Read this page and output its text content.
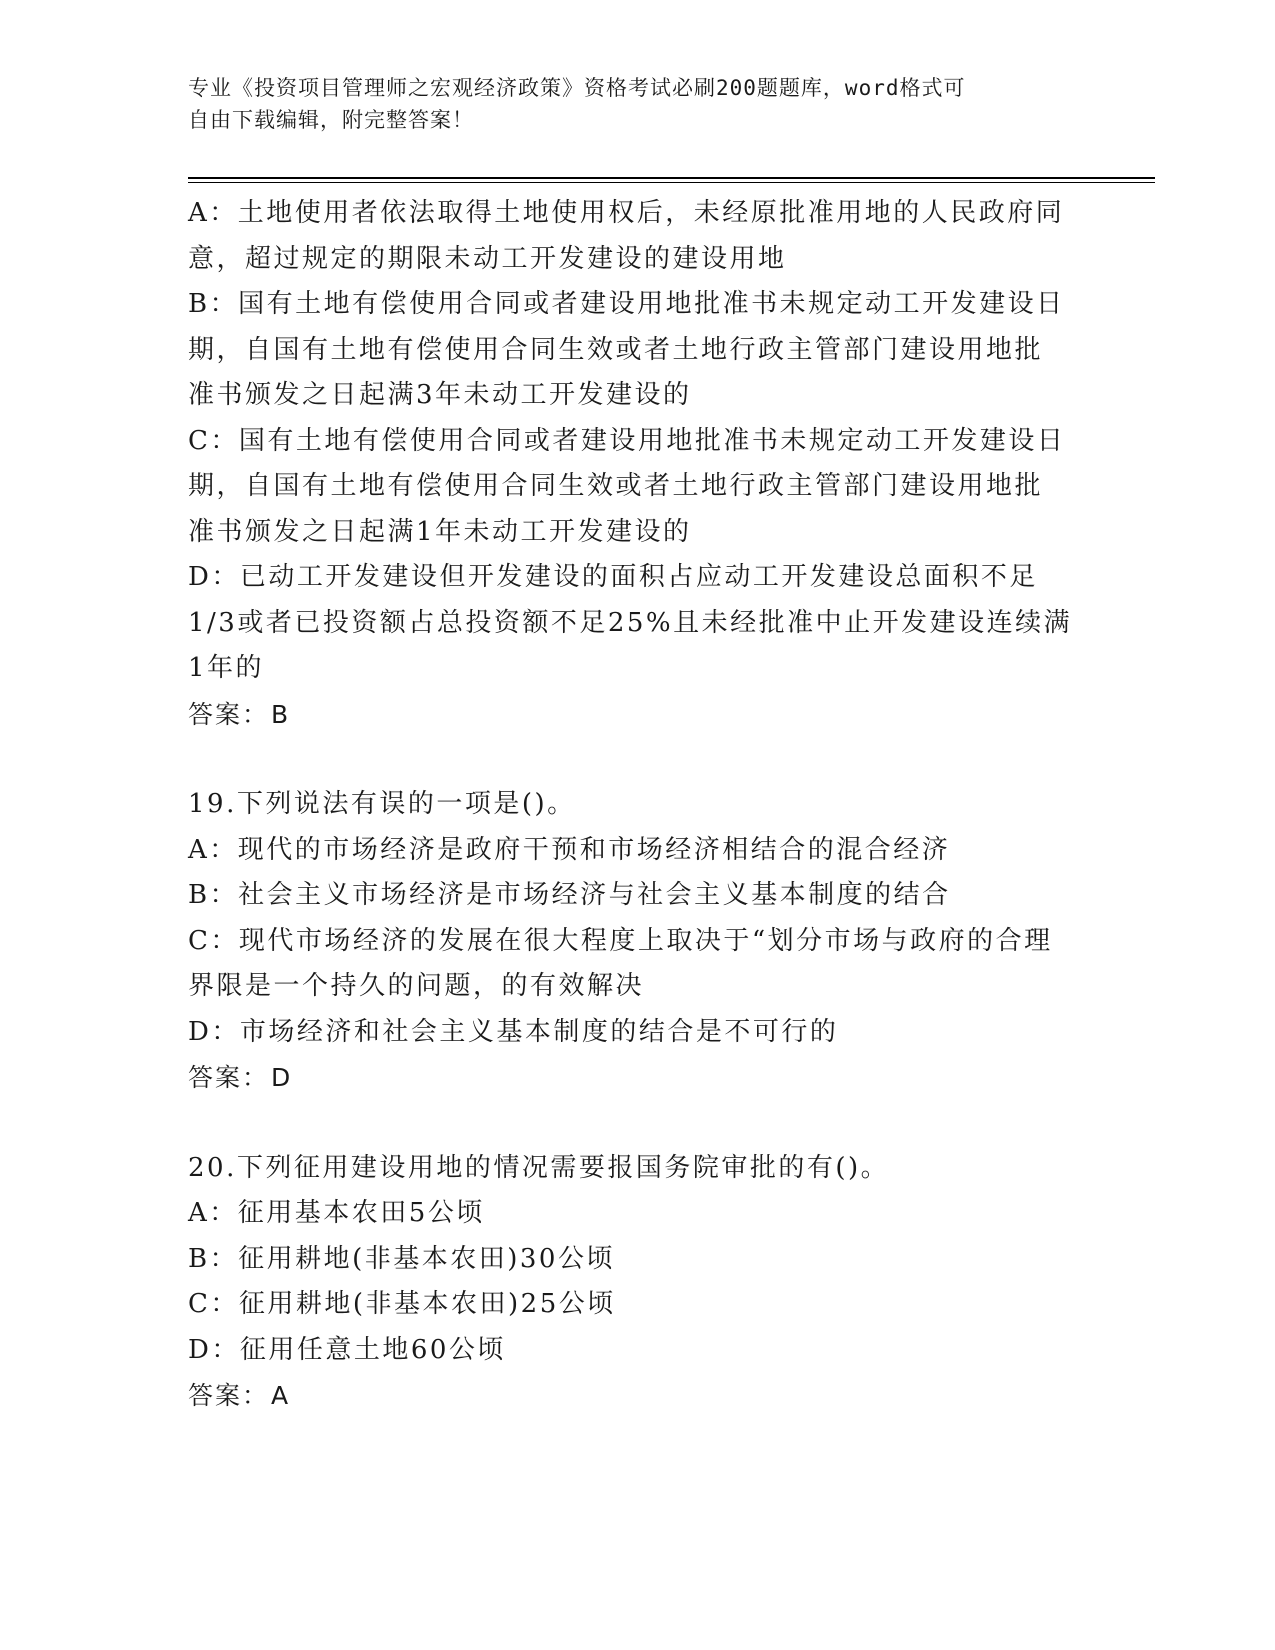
专业《投资项目管理师之宏观经济政策》资格考试必刷200题题库，word格式可

自由下载编辑，附完整答案！

A：土地使用者依法取得土地使用权后，未经原批准用地的人民政府同
意，超过规定的期限未动工开发建设的建设用地
B：国有土地有偿使用合同或者建设用地批准书未规定动工开发建设日
期，自国有土地有偿使用合同生效或者土地行政主管部门建设用地批
准书颁发之日起满3年未动工开发建设的
C：国有土地有偿使用合同或者建设用地批准书未规定动工开发建设日
期，自国有土地有偿使用合同生效或者土地行政主管部门建设用地批
准书颁发之日起满1年未动工开发建设的
D：已动工开发建设但开发建设的面积占应动工开发建设总面积不足
1/3或者已投资额占总投资额不足25%且未经批准中止开发建设连续满
1年的
答案：B
19.下列说法有误的一项是()。
A：现代的市场经济是政府干预和市场经济相结合的混合经济
B：社会主义市场经济是市场经济与社会主义基本制度的结合
C：现代市场经济的发展在很大程度上取决于“划分市场与政府的合理
界限是一个持久的问题，的有效解决
D：市场经济和社会主义基本制度的结合是不可行的
答案：D
20.下列征用建设用地的情况需要报国务院审批的有()。
A：征用基本农田5公顷
B：征用耕地(非基本农田)30公顷
C：征用耕地(非基本农田)25公顷
D：征用任意土地60公顷
答案：A
